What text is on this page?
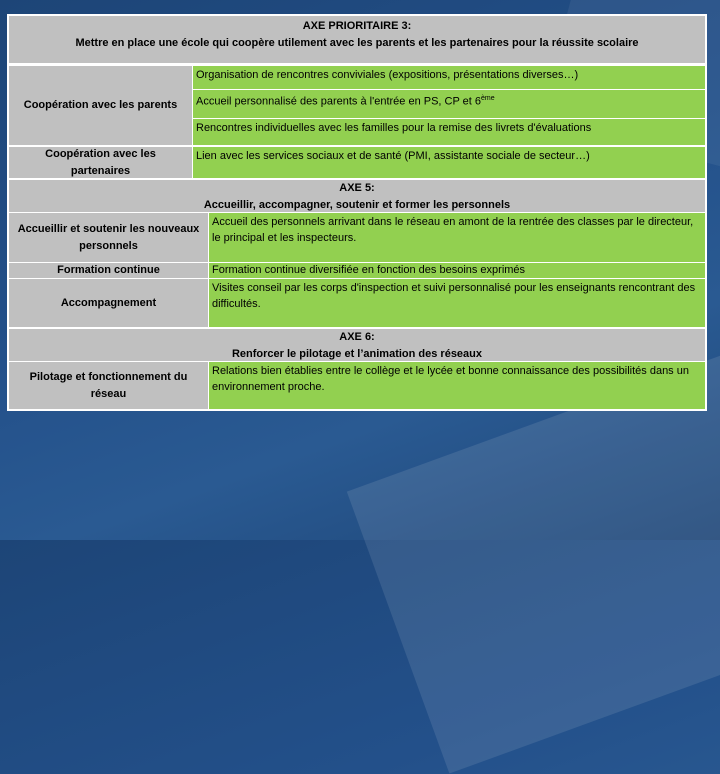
AXE PRIORITAIRE 3:
Mettre en place une école qui coopère utilement avec les parents et les partenaires pour la réussite scolaire
Coopération avec les parents
Organisation de rencontres conviviales (expositions, présentations diverses…)
Accueil personnalisé des parents à l'entrée en PS, CP et 6ème
Rencontres individuelles avec les familles pour la remise des livrets d'évaluations
Coopération avec les partenaires
Lien avec les services sociaux et de santé (PMI, assistante sociale de secteur…)
AXE 5:
Accueillir, accompagner, soutenir et former les personnels
Accueillir et soutenir les nouveaux personnels
Accueil des personnels arrivant dans le réseau en amont de la rentrée des classes par le directeur, le principal et les inspecteurs.
Formation continue	Formation continue diversifiée en fonction des besoins exprimés
Accompagnement
Visites conseil par les corps d'inspection et suivi personnalisé pour les enseignants rencontrant des difficultés.
AXE 6:
Renforcer le pilotage et l’animation des réseaux
Pilotage et fonctionnement du réseau
Relations bien établies entre le collège et le lycée et bonne connaissance des possibilités dans un environnement proche.
